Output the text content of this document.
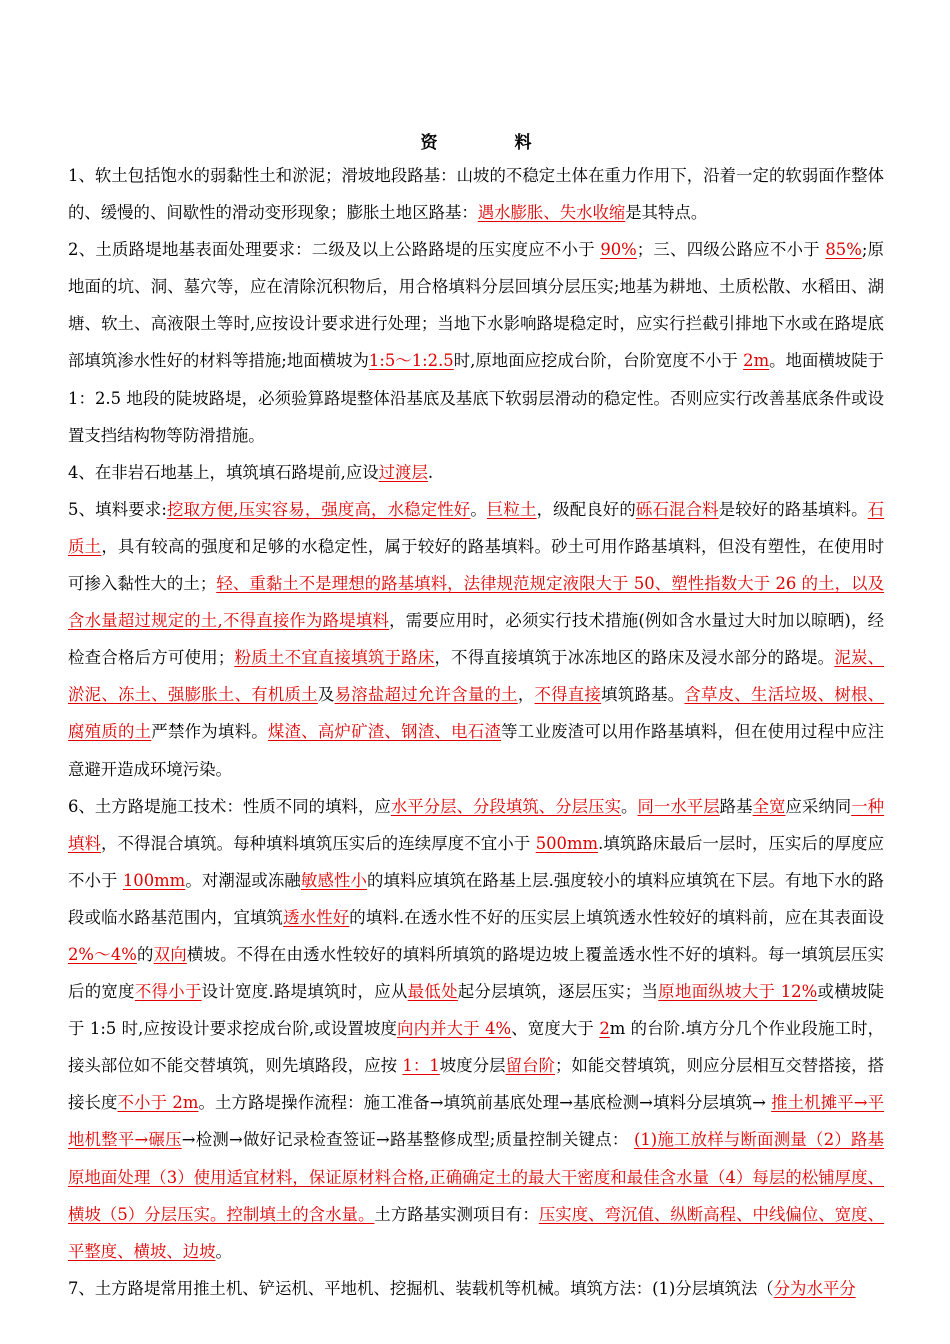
资　料

1、软土包括饱水的弱黏性土和淤泥；滑坡地段路基：山坡的不稳定土体在重力作用下，沿着一定的软弱面作整体的、缓慢的、间歇性的滑动变形现象；膨胀土地区路基：遇水膨胀、失水收缩是其特点。

2、土质路堤地基表面处理要求：二级及以上公路路堤的压实度应不小于 90%；三、四级公路应不小于 85%;原地面的坑、洞、墓穴等，应在清除沉积物后，用合格填料分层回填分层压实;地基为耕地、土质松散、水稻田、湖塘、软土、高液限土等时,应按设计要求进行处理；当地下水影响路堤稳定时，应实行拦截引排地下水或在路堤底部填筑渗水性好的材料等措施;地面横坡为1:5～1:2.5时,原地面应挖成台阶，台阶宽度不小于 2m。地面横坡陡于 1：2.5 地段的陡坡路堤，必须验算路堤整体沿基底及基底下软弱层滑动的稳定性。否则应实行改善基底条件或设置支挡结构物等防滑措施。

4、在非岩石地基上，填筑填石路堤前,应设过渡层.

5、填料要求:挖取方便,压实容易，强度高，水稳定性好。巨粒土，级配良好的砾石混合料是较好的路基填料。石质土，具有较高的强度和足够的水稳定性，属于较好的路基填料。砂土可用作路基填料，但没有塑性，在使用时可掺入黏性大的土；轻、重黏土不是理想的路基填料，法律规范规定液限大于 50、塑性指数大于 26 的土，以及含水量超过规定的土,不得直接作为路堤填料，需要应用时，必须实行技术措施(例如含水量过大时加以晾晒)，经检查合格后方可使用；粉质土不宜直接填筑于路床，不得直接填筑于冰冻地区的路床及浸水部分的路堤。泥炭、淤泥、冻土、强膨胀土、有机质土及易溶盐超过允许含量的土，不得直接填筑路基。含草皮、生活垃圾、树根、腐殖质的土严禁作为填料。煤渣、高炉矿渣、钢渣、电石渣等工业废渣可以用作路基填料，但在使用过程中应注意避开造成环境污染。

6、土方路堤施工技术：性质不同的填料，应水平分层、分段填筑、分层压实。同一水平层路基全宽应采纳同一种填料，不得混合填筑。每种填料填筑压实后的连续厚度不宜小于 500mm.填筑路床最后一层时，压实后的厚度应不小于 100mm。对潮湿或冻融敏感性小的填料应填筑在路基上层.强度较小的填料应填筑在下层。有地下水的路段或临水路基范围内，宜填筑透水性好的填料.在透水性不好的压实层上填筑透水性较好的填料前，应在其表面设 2%～4%的双向横坡。不得在由透水性较好的填料所填筑的路堤边坡上覆盖透水性不好的填料。每一填筑层压实后的宽度不得小于设计宽度.路堤填筑时，应从最低处起分层填筑，逐层压实；当原地面纵坡大于 12%或横坡陡于 1:5 时,应按设计要求挖成台阶,或设置坡度向内并大于 4%、宽度大于 2m 的台阶.填方分几个作业段施工时，接头部位如不能交替填筑，则先填路段，应按 1：1坡度分层留台阶；如能交替填筑，则应分层相互交替搭接，搭接长度不小于 2m。土方路堤操作流程：施工准备→填筑前基底处理→基底检测→填料分层填筑→ 推土机摊平→平地机整平→碾压→检测→做好记录检查签证→路基整修成型;质量控制关键点： (1)施工放样与断面测量（2）路基原地面处理（3）使用适宜材料，保证原材料合格,正确确定土的最大干密度和最佳含水量（4）每层的松铺厚度、横坡（5）分层压实。控制填土的含水量。土方路基实测项目有：压实度、弯沉值、纵断高程、中线偏位、宽度、平整度、横坡、边坡。

7、土方路堤常用推土机、铲运机、平地机、挖掘机、装载机等机械。填筑方法：(1)分层填筑法（分为水平分
